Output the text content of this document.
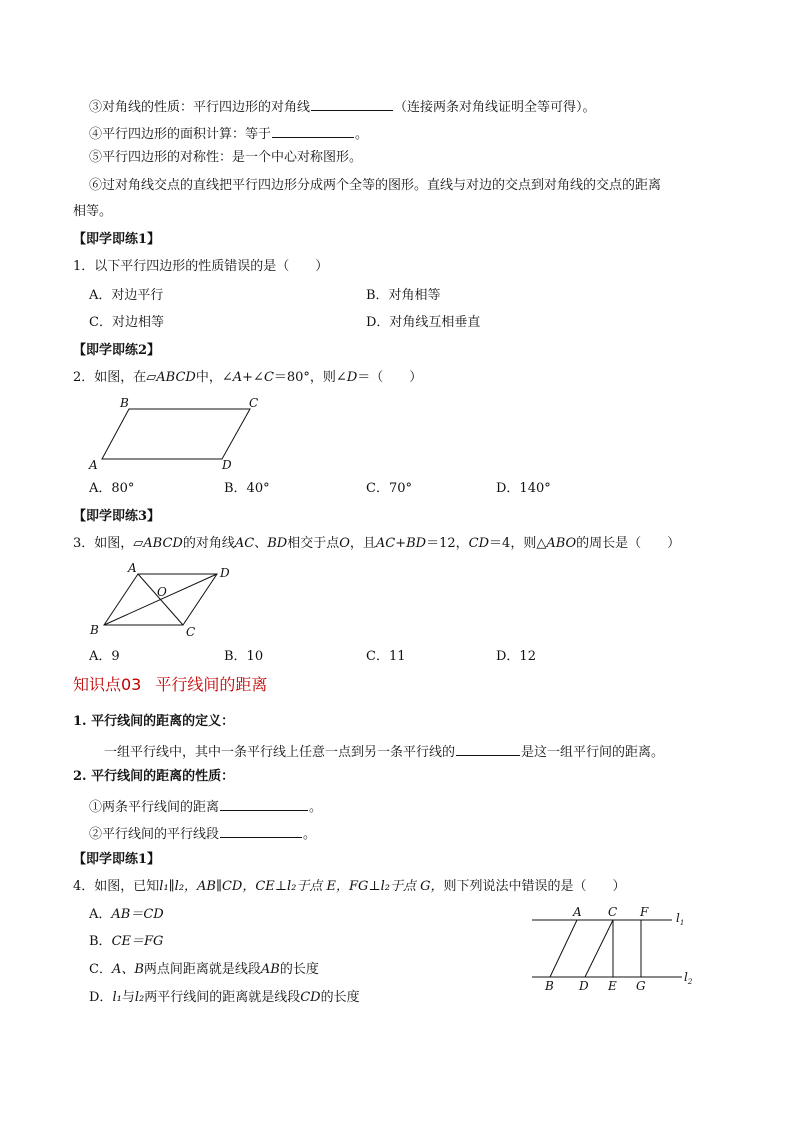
③对角线的性质：平行四边形的对角线	（连接两条对角线证明全等可得）。
④平行四边形的面积计算：等于	。
⑤平行四边形的对称性：是一个中心对称图形。
⑥过对角线交点的直线把平行四边形分成两个全等的图形。直线与对边的交点到对角线的交点的距离
相等。
【即学即练1】
1．以下平行四边形的性质错误的是（　　）
A．对边平行	B．对角相等
C．对边相等	D．对角线互相垂直
【即学即练2】
2．如图，在▱ABCD中，∠A+∠C＝80°，则∠D＝（　　）
B	C
A	D
A．80°	B．40°	C．70°	D．140°
【即学即练3】
3．如图，▱ABCD的对角线AC、BD相交于点O，且AC+BD＝12，CD＝4，则△ABO的周长是（　　）
A	D
O
B	C
A．9	B．10	C．11	D．12
知识点03 平行线间的距离
1. 平行线间的距离的定义：
一组平行线中，其中一条平行线上任意一点到另一条平行线的	是这一组平行间的距离。
2. 平行线间的距离的性质：
①两条平行线间的距离	。
②平行线间的平行线段	。
【即学即练1】
4．如图，已知l₁∥l₂，AB∥CD，CE⊥l₂于点 E，FG⊥l₂于点 G，则下列说法中错误的是（　　）
A．AB＝CD
B．CE＝FG
C．A、B两点间距离就是线段AB的长度
D．l₁与l₂两平行线间的距离就是线段CD的长度
A C F $l_1$
B D E G
$l_2$
